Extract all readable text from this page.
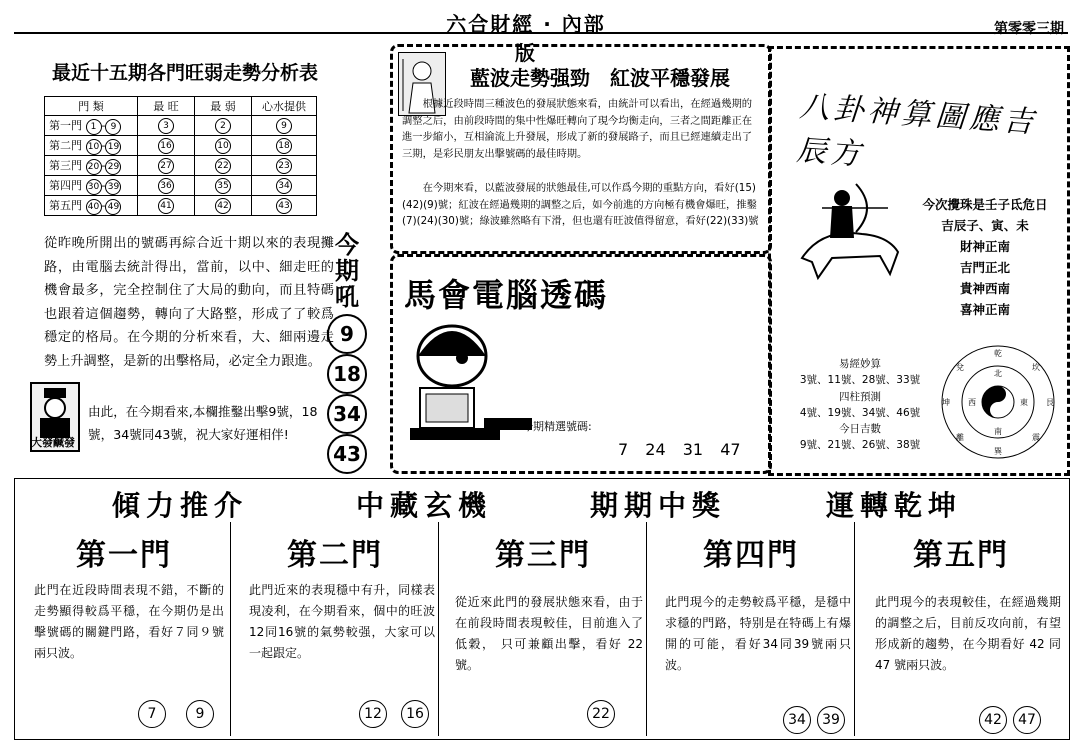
六合財經 · 內部版
第零零三期
最近十五期各門旺弱走勢分析表
門 類	最 旺	最 弱	心水提供
第一門 1 - 9	3	2	9
第二門 10 - 19	16	10	18
第三門 20 - 29	27	22	23
第四門 30 - 39	36	35	34
第五門 40 - 49	41	42	43
從昨晚所開出的號碼再綜合近十期以來的表現攤路，由電腦去統計得出，當前，以中、細走旺的機會最多，完全控制住了大局的動向，而且特碼也跟着這個趨勢，轉向了大路整，形成了了較爲穩定的格局。在今期的分析來看，大、細兩邊走勢上升調整，是新的出擊格局，必定全力跟進。
大發鹹發
由此，在今期看來,本欄推鑿出擊9號，18號，34號同43號，祝大家好運相伴!
今期吼
9
18
34
43
藍波走勢强勁　紅波平穩發展
根據近段時間三種波色的發展狀態來看，由統計可以看出，在經過幾期的調整之后，由前段時間的集中性爆旺轉向了現今均衡走向，三者之間距離正在進一步縮小，互相淪流上升發展，形成了新的發展路子，而且已經連續走出了三期，是彩民朋友出擊號碼的最佳時期。
在今期來看，以藍波發展的狀態最佳,可以作爲今期的重點方向，看好(15)(42)(9)號；紅波在經過幾期的調整之后，如今前進的方向極有機會爆旺，推鑿(7)(24)(30)號；綠波雖然略有下滑，但也還有旺波值得留意，看好(22)(33)號
馬會電腦透碼
今期精選號碼:
7 24 31 47
八卦神算圖應吉辰方
今次攪珠是壬子氐危日
吉辰子、寅、未
財神正南
吉門正北
貴神西南
喜神正南
易經妙算
3號、11號、28號、33號
四柱預測
4號、19號、34號、46號
今日吉數
9號、21號、26號、38號
乾
坎
艮
震
巽
離
坤
兌
北
西	東
南
傾力推介	中藏玄機	期期中獎	運轉乾坤
第一門
此門在近段時間表現不錯，不斷的走勢顯得較爲平穩，在今期仍是出擊號碼的關鍵門路，看好７同９號兩只波。
7	9
第二門
此門近來的表現穩中有升，同樣表現凌利，在今期看來，個中的旺波12同16號的氣勢較强，大家可以一起跟定。
12	16
第三門
從近來此門的發展狀態來看，由于在前段時間表現較佳，目前進入了低穀， 只可兼顧出擊，看好 22 號。
22
第四門
此門現今的走勢較爲平穩，是穩中求穩的門路，特别是在特碼上有爆開的可能，看好34同39號兩只波。
34	39
第五門
此門現今的表現較佳，在經過幾期的調整之后，目前反攻向前，有望形成新的趨勢，在今期看好 42 同 47 號兩只波。
42	47
